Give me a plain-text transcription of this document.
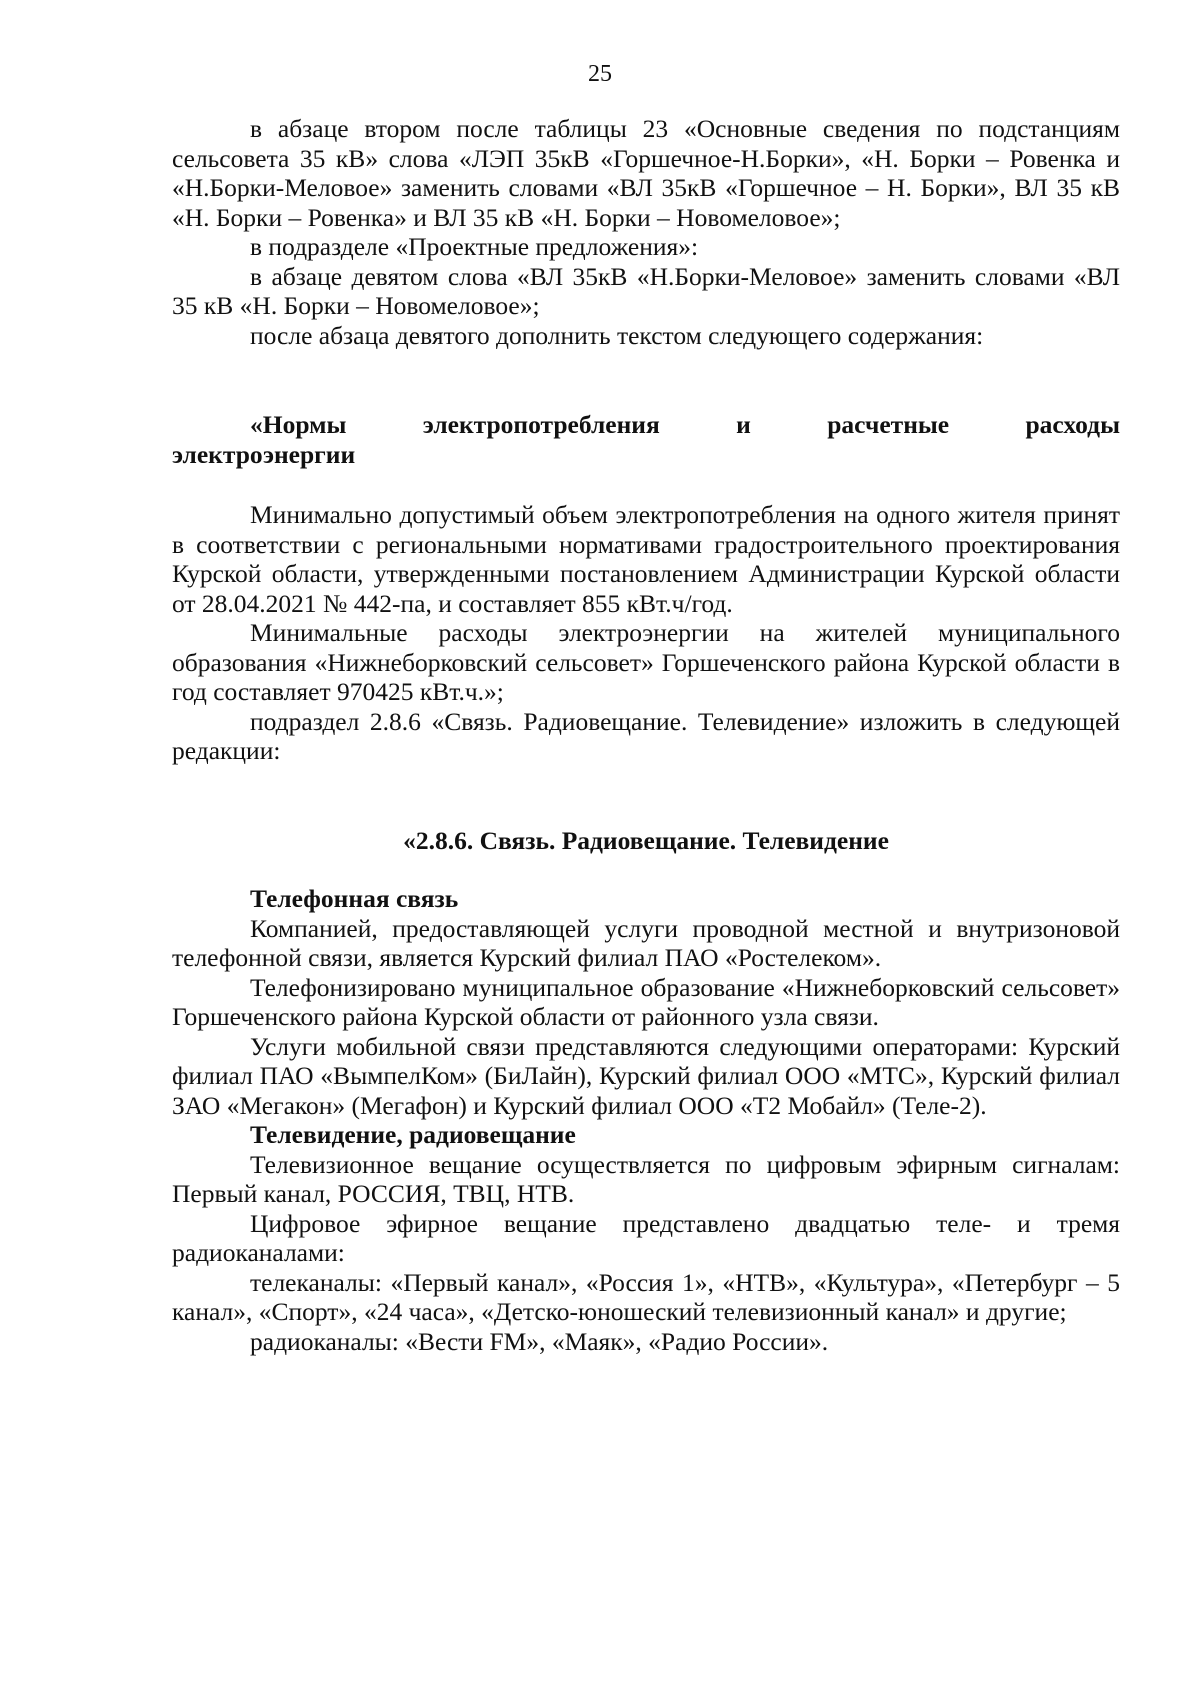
25
в абзаце втором после таблицы 23 «Основные сведения по подстанциям сельсовета 35 кВ» слова «ЛЭП 35кВ «Горшечное-Н.Борки», «Н. Борки – Ровенка и «Н.Борки-Меловое» заменить словами «ВЛ 35кВ «Горшечное – Н. Борки», ВЛ 35 кВ «Н. Борки – Ровенка» и ВЛ 35 кВ «Н. Борки – Новомеловое»;
в подразделе «Проектные предложения»:
в абзаце девятом слова «ВЛ 35кВ «Н.Борки-Меловое» заменить словами «ВЛ 35 кВ «Н. Борки – Новомеловое»;
после абзаца девятого дополнить текстом следующего содержания:
«Нормы электропотребления и расчетные расходы
электроэнергии
Минимально допустимый объем электропотребления на одного жителя принят в соответствии с региональными нормативами градостроительного проектирования Курской области, утвержденными постановлением Администрации Курской области от 28.04.2021 № 442-па, и составляет 855 кВт.ч/год.
Минимальные расходы электроэнергии на жителей муниципального образования «Нижнеборковский сельсовет» Горшеченского района Курской области в год составляет 970425 кВт.ч.»;
подраздел 2.8.6 «Связь. Радиовещание. Телевидение» изложить в следующей редакции:
«2.8.6. Связь. Радиовещание. Телевидение
Телефонная связь
Компанией, предоставляющей услуги проводной местной и внутризоновой телефонной связи, является Курский филиал ПАО «Ростелеком».
Телефонизировано муниципальное образование «Нижнеборковский сельсовет» Горшеченского района Курской области от районного узла связи.
Услуги мобильной связи представляются следующими операторами: Курский филиал ПАО «ВымпелКом» (БиЛайн), Курский филиал ООО «МТС», Курский филиал ЗАО «Мегакон» (Мегафон) и Курский филиал ООО «Т2 Мобайл» (Теле-2).
Телевидение, радиовещание
Телевизионное вещание осуществляется по цифровым эфирным сигналам: Первый канал, РОССИЯ, ТВЦ, НТВ.
Цифровое эфирное вещание представлено двадцатью теле- и тремя радиоканалами:
телеканалы: «Первый канал», «Россия 1», «НТВ», «Культура», «Петербург – 5 канал», «Спорт», «24 часа», «Детско-юношеский телевизионный канал» и другие;
радиоканалы: «Вести FM», «Маяк», «Радио России».
